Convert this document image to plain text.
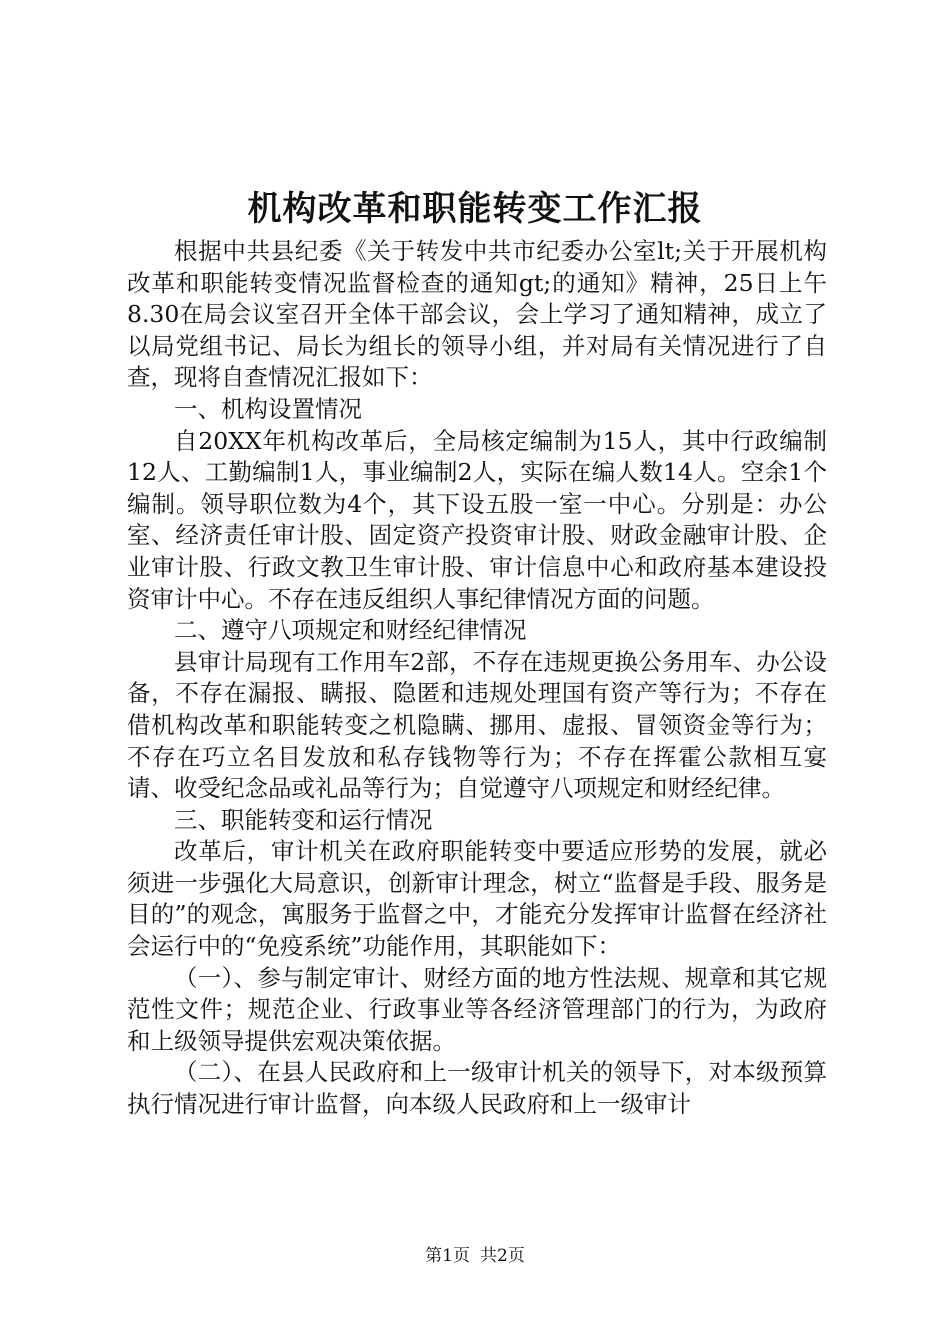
机构改革和职能转变工作汇报

根据中共县纪委《关于转发中共市纪委办公室lt;关于开展机构改革和职能转变情况监督检查的通知gt;的通知》精神，25日上午8.30在局会议室召开全体干部会议，会上学习了通知精神，成立了以局党组书记、局长为组长的领导小组，并对局有关情况进行了自查，现将自查情况汇报如下：

一、机构设置情况

自20XX年机构改革后，全局核定编制为15人，其中行政编制12人、工勤编制1人，事业编制2人，实际在编人数14人。空余1个编制。领导职位数为4个，其下设五股一室一中心。分别是：办公室、经济责任审计股、固定资产投资审计股、财政金融审计股、企业审计股、行政文教卫生审计股、审计信息中心和政府基本建设投资审计中心。不存在违反组织人事纪律情况方面的问题。

二、遵守八项规定和财经纪律情况

县审计局现有工作用车2部，不存在违规更换公务用车、办公设备，不存在漏报、瞒报、隐匿和违规处理国有资产等行为；不存在借机构改革和职能转变之机隐瞒、挪用、虚报、冒领资金等行为；不存在巧立名目发放和私存钱物等行为；不存在挥霍公款相互宴请、收受纪念品或礼品等行为；自觉遵守八项规定和财经纪律。

三、职能转变和运行情况

改革后，审计机关在政府职能转变中要适应形势的发展，就必须进一步强化大局意识，创新审计理念，树立“监督是手段、服务是目的”的观念，寓服务于监督之中，才能充分发挥审计监督在经济社会运行中的“免疫系统”功能作用，其职能如下：

（一）、参与制定审计、财经方面的地方性法规、规章和其它规范性文件；规范企业、行政事业等各经济管理部门的行为，为政府和上级领导提供宏观决策依据。

（二）、在县人民政府和上一级审计机关的领导下，对本级预算执行情况进行审计监督，向本级人民政府和上一级审计

第1页 共2页
